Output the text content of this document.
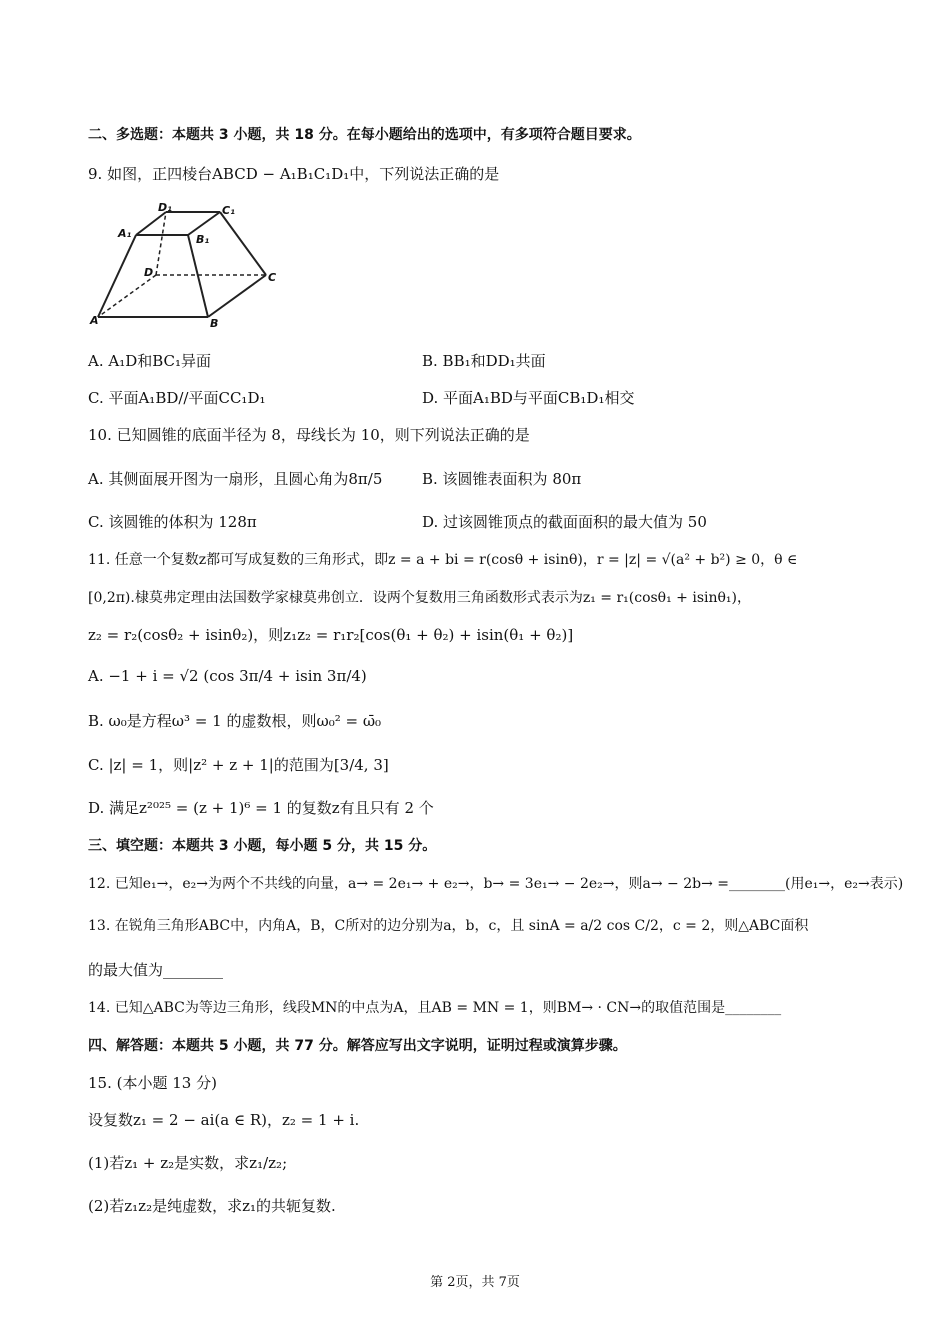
二、多选题：本题共 3 小题，共 18 分。在每小题给出的选项中，有多项符合题目要求。
9. 如图，正四棱台ABCD − A₁B₁C₁D₁中，下列说法正确的是
D₁	C₁
A₁	B₁
D	C
A	B
A. A₁D和BC₁异面	B. BB₁和DD₁共面
C. 平面A₁BD//平面CC₁D₁	D. 平面A₁BD与平面CB₁D₁相交
10. 已知圆锥的底面半径为 8，母线长为 10，则下列说法正确的是
A. 其侧面展开图为一扇形，且圆心角为8π/5	B. 该圆锥表面积为 80π
C. 该圆锥的体积为 128π	D. 过该圆锥顶点的截面面积的最大值为 50
11. 任意一个复数z都可写成复数的三角形式，即z = a + bi = r(cosθ + isinθ)，r = |z| = √(a² + b²) ≥ 0，θ ∈
[0,2π).棣莫弗定理由法国数学家棣莫弗创立．设两个复数用三角函数形式表示为z₁ = r₁(cosθ₁ + isinθ₁)，
z₂ = r₂(cosθ₂ + isinθ₂)，则z₁z₂ = r₁r₂[cos(θ₁ + θ₂) + isin(θ₁ + θ₂)]
A. −1 + i = √2 (cos 3π/4 + isin 3π/4)
B. ω₀是方程ω³ = 1 的虚数根，则ω₀² = ω̄₀
C. |z| = 1，则|z² + z + 1|的范围为[3/4, 3]
D. 满足z²⁰²⁵ = (z + 1)⁶ = 1 的复数z有且只有 2 个
三、填空题：本题共 3 小题，每小题 5 分，共 15 分。
12. 已知e₁→，e₂→为两个不共线的向量，a→ = 2e₁→ + e₂→，b→ = 3e₁→ − 2e₂→，则a→ − 2b→ =________(用e₁→，e₂→表示)
13. 在锐角三角形ABC中，内角A，B，C所对的边分别为a，b，c，且 sinA = a/2 cos C/2，c = 2，则△ABC面积
的最大值为________
14. 已知△ABC为等边三角形，线段MN的中点为A，且AB = MN = 1，则BM→ · CN→的取值范围是________
四、解答题：本题共 5 小题，共 77 分。解答应写出文字说明，证明过程或演算步骤。
15. (本小题 13 分)
设复数z₁ = 2 − ai(a ∈ R)，z₂ = 1 + i.
(1)若z₁ + z₂是实数，求z₁/z₂;
(2)若z₁z₂是纯虚数，求z₁的共轭复数.
第 2页，共 7页
